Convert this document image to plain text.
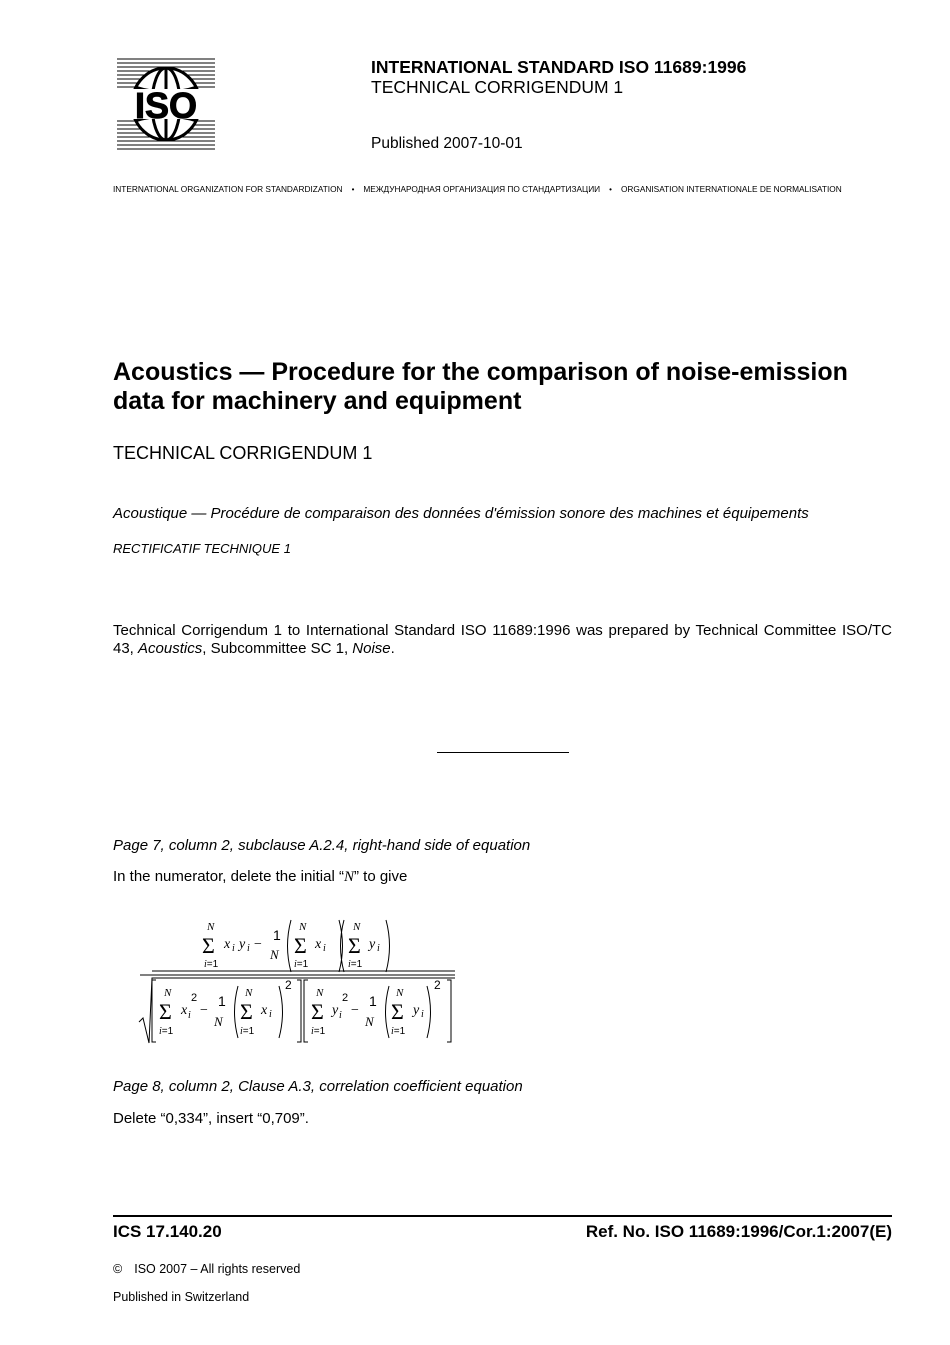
ISO
INTERNATIONAL STANDARD ISO 11689:1996
TECHNICAL CORRIGENDUM 1
Published 2007-10-01
INTERNATIONAL ORGANIZATION FOR STANDARDIZATION • МЕЖДУНАРОДНАЯ ОРГАНИЗАЦИЯ ПО СТАНДАРТИЗАЦИИ • ORGANISATION INTERNATIONALE DE NORMALISATION
Acoustics — Procedure for the comparison of noise-emission data for machinery and equipment
TECHNICAL CORRIGENDUM 1
Acoustique — Procédure de comparaison des données d'émission sonore des machines et équipements
RECTIFICATIF TECHNIQUE 1
Technical Corrigendum 1 to International Standard ISO 11689:1996 was prepared by Technical Committee ISO/TC 43, Acoustics, Subcommittee SC 1, Noise.
Page 7, column 2, subclause A.2.4, right-hand side of equation
In the numerator, delete the initial “N” to give
N
Σ
i=1
x i y i −
1
N
N
Σ
i=1
x i
N
Σ
i=1
y i
N
Σ
i=1
x
2
i −
1
N
N
Σ
i=1
x i
2
N
Σ
i=1
y
2
i −
1
N
N
Σ
i=1
y i
2
Page 8, column 2, Clause A.3, correlation coefficient equation
Delete “0,334”, insert “0,709”.
ICS 17.140.20	Ref. No. ISO 11689:1996/Cor.1:2007(E)
© ISO 2007 – All rights reserved
Published in Switzerland
